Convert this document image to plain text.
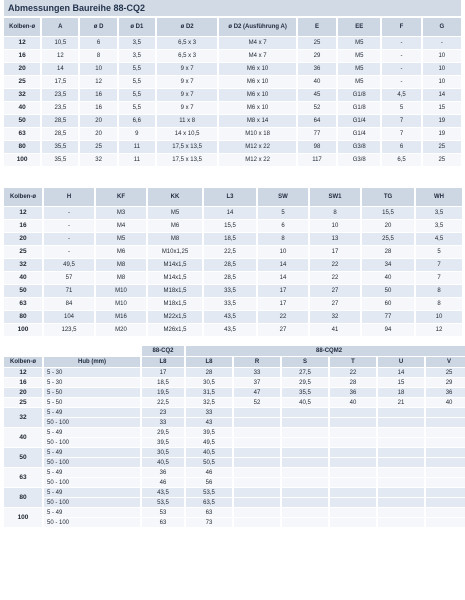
Abmessungen Baureihe 88-CQ2
Kolben-ø	A	ø D	ø D1	ø D2	ø D2 (Ausführung A)	E	EE	F	G
12	10,5	6	3,5	6,5 x 3	M4 x 7	25	M5	-	-
16	12	8	3,5	6,5 x 3	M4 x 7	29	M5	-	10
20	14	10	5,5	9 x 7	M6 x 10	36	M5	-	10
25	17,5	12	5,5	9 x 7	M6 x 10	40	M5	-	10
32	23,5	16	5,5	9 x 7	M6 x 10	45	G1/8	4,5	14
40	23,5	16	5,5	9 x 7	M6 x 10	52	G1/8	5	15
50	28,5	20	6,6	11 x 8	M8 x 14	64	G1/4	7	19
63	28,5	20	9	14 x 10,5	M10 x 18	77	G1/4	7	19
80	35,5	25	11	17,5 x 13,5	M12 x 22	98	G3/8	6	25
100	35,5	32	11	17,5 x 13,5	M12 x 22	117	G3/8	6,5	25
Kolben-ø	H	KF	KK	L3	SW	SW1	TG	WH
12	-	M3	M5	14	5	8	15,5	3,5
16	-	M4	M6	15,5	6	10	20	3,5
20	-	M5	M8	18,5	8	13	25,5	4,5
25	-	M6	M10x1,25	22,5	10	17	28	5
32	49,5	M8	M14x1,5	28,5	14	22	34	7
40	57	M8	M14x1,5	28,5	14	22	40	7
50	71	M10	M18x1,5	33,5	17	27	50	8
63	84	M10	M18x1,5	33,5	17	27	60	8
80	104	M16	M22x1,5	43,5	22	32	77	10
100	123,5	M20	M26x1,5	43,5	27	41	94	12
		88-CQ2	88-CQM2					
Kolben-ø	Hub (mm)	L8	L8	R	S	T	U	V
12	5 - 30	17	28	33	27,5	22	14	25
16	5 - 30	18,5	30,5	37	29,5	28	15	29
20	5 - 50	19,5	31,5	47	35,5	36	18	36
25	5 - 50	22,5	32,5	52	40,5	40	21	40
32	5 - 49	23	33					
	50 - 100	33	43					
40	5 - 49	29,5	39,5					
	50 - 100	39,5	49,5					
50	5 - 49	30,5	40,5					
	50 - 100	40,5	50,5					
63	5 - 49	36	46					
	50 - 100	46	56					
80	5 - 49	43,5	53,5					
	50 - 100	53,5	63,5					
100	5 - 49	53	63					
	50 - 100	63	73					
